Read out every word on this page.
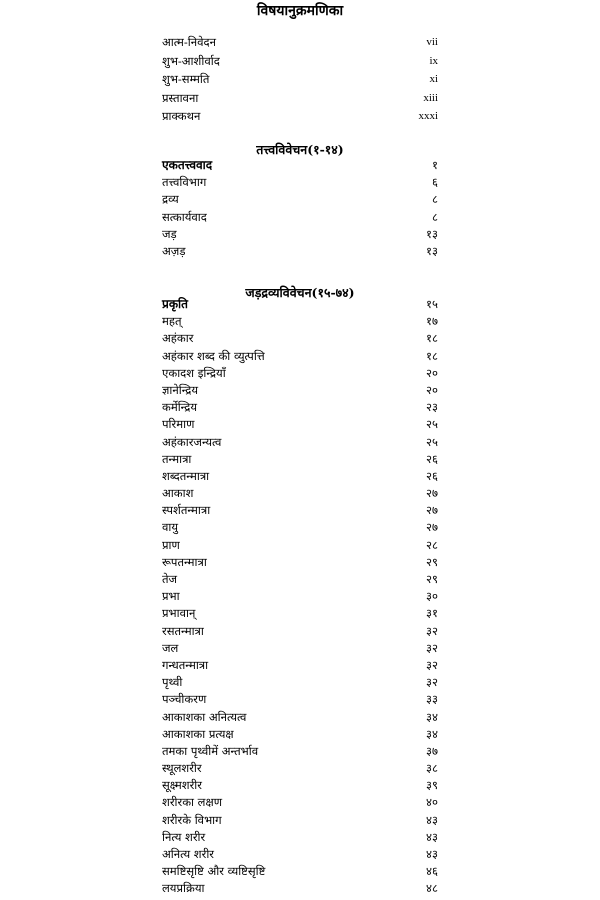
विषयानुक्रमणिका
आत्म-निवेदन	vii
शुभ-आशीर्वाद	ix
शुभ-सम्मति	xi
प्रस्तावना	xiii
प्राक्कथन	xxxi
तत्त्वविवेचन(१-१४)
एकतत्त्ववाद	१
तत्त्वविभाग	६
द्रव्य	८
सत्कार्यवाद	८
जड़	१३
अज़ड़	१३
जड़द्रव्यविवेचन(१५-७४)
प्रकृति	१५
महत्	१७
अहंकार	१८
अहंकार शब्द की व्युत्पत्ति	१८
एकादश इन्द्रियाँ	२०
ज्ञानेन्द्रिय	२०
कर्मेन्द्रिय	२३
परिमाण	२५
अहंकारजन्यत्व	२५
तन्मात्रा	२६
शब्दतन्मात्रा	२६
आकाश	२७
स्पर्शतन्मात्रा	२७
वायु	२७
प्राण	२८
रूपतन्मात्रा	२९
तेज	२९
प्रभा	३०
प्रभावान्	३१
रसतन्मात्रा	३२
जल	३२
गन्धतन्मात्रा	३२
पृथ्वी	३२
पञ्चीकरण	३३
आकाशका अनित्यत्व	३४
आकाशका प्रत्यक्ष	३४
तमका पृथ्वीमें अन्तर्भाव	३७
स्थूलशरीर	३८
सूक्ष्मशरीर	३९
शरीरका लक्षण	४०
शरीरके विभाग	४३
नित्य शरीर	४३
अनित्य शरीर	४३
समष्टिसृष्टि और व्यष्टिसृष्टि	४६
लयप्रक्रिया	४८
